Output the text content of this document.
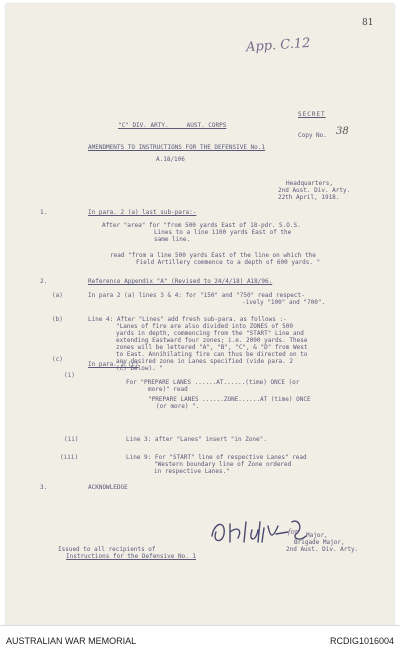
81
App. C.12
SECRET
"C" DIV. ARTY.     AUST. CORPS
Copy No. 38
AMENDMENTS TO INSTRUCTIONS FOR THE DEFENSIVE No.1
A.18/106
Headquarters,
2nd Aust. Div. Arty.
22th April, 1918.
1.
2.
(a)
(b)
(c)
(i)
(ii)
(iii)
3.
In para. 2 (a) last sub-para:-
After "area" for "from 500 yards East of 18-pdr. S.O.S.
Lines to a line 1100 yards East of the
same line.
read "from a line 500 yards East of the line on which the
Field Artillery commence to a depth of 600 yards. "
Reference Appendix "A" (Revised to 24/4/18) A18/96.
In para 2 (a) lines 3 & 4: for "150" and "750" read respect-
-ively "100" and "700".
Line 4: After "Lines" add fresh sub-para. as follows :-
"Lanes of fire are also divided into ZONES of 500
yards in depth, commencing from the "START" Line and
extending Eastward four zones; i.e. 2000 yards. These
zones will be lettered "A", "B", "C", & "D" from West
to East. Annihilating fire can thus be directed on to
any desired zone in Lanes specified (vide para. 2
(c) below). "
In para. 2 (c)
For "PREPARE LANES ......AT......(time) ONCE (or
more)" read
"PREPARE LANES ......ZONE......AT (time) ONCE
(or more) ".
Line 3: after "Lanes" insert "in Zone".
Line 9: For "START" line of respective Lanes" read
"Western boundary line of Zone ordered
in respective Lanes."
ACKNOWLEDGE
for Major,
Brigade Major,
2nd Aust. Div. Arty.
Issued to all recipients of
Instructions for the Defensive No. 1
AUSTRALIAN WAR MEMORIAL	RCDIG1016004
